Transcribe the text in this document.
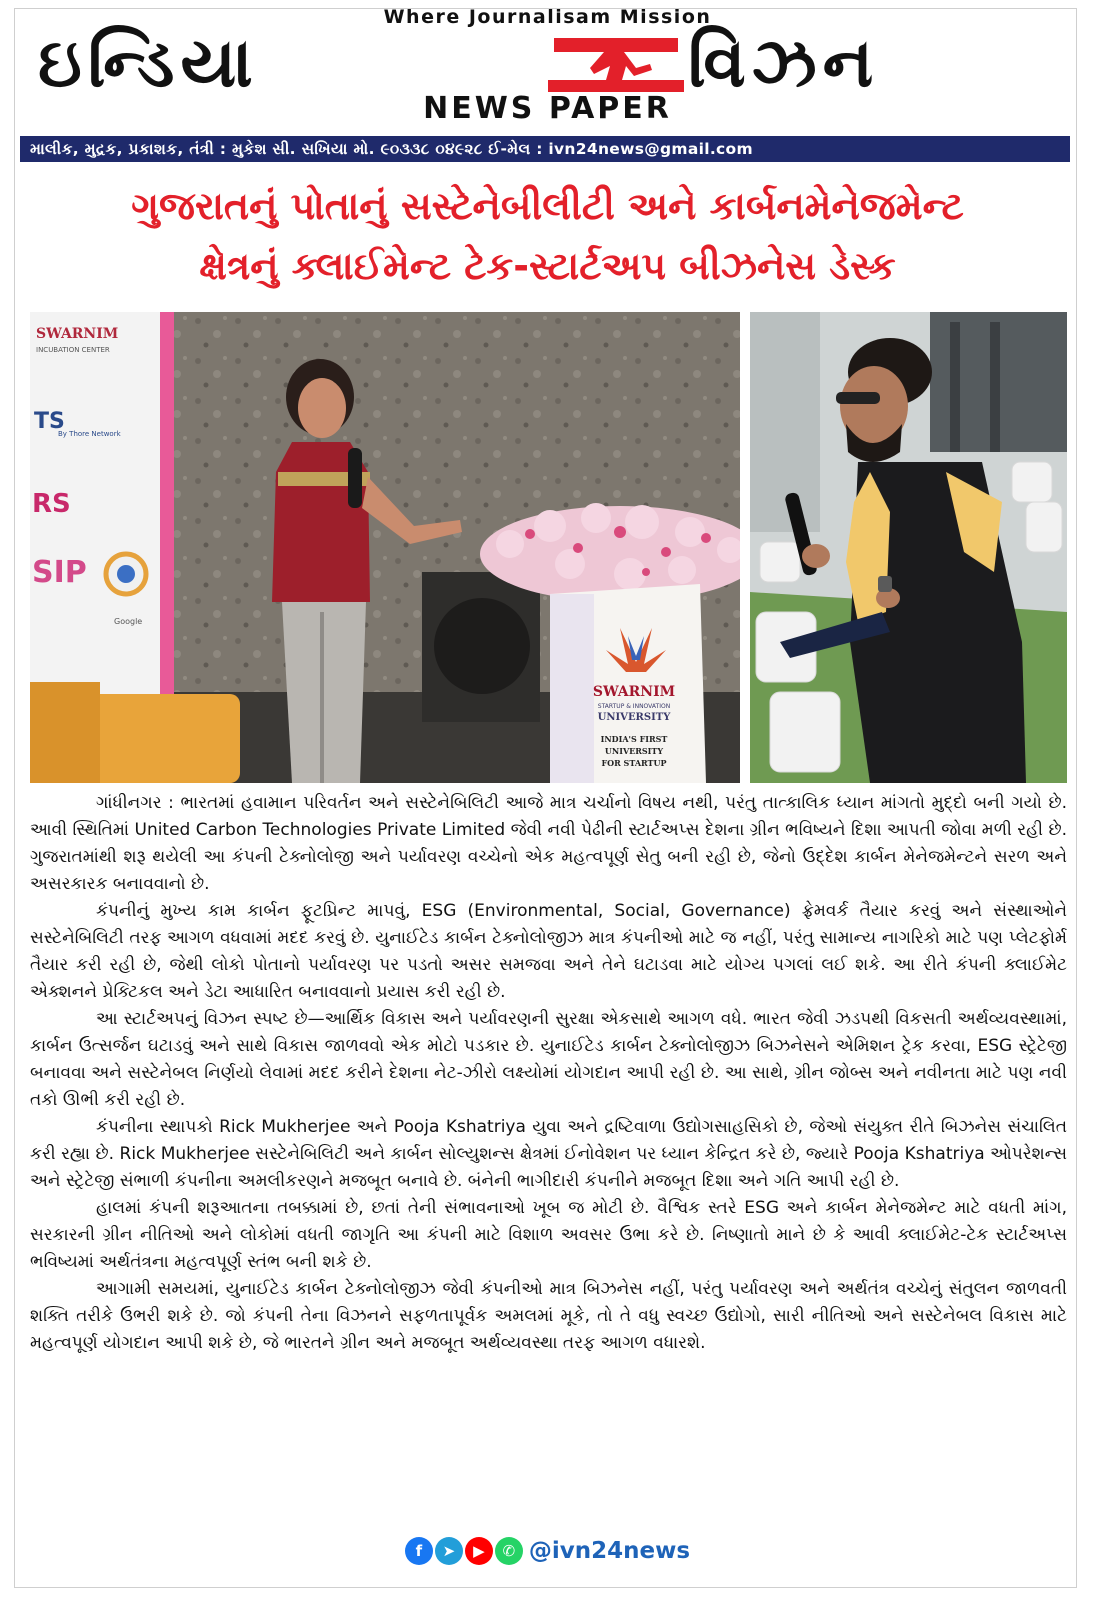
Where Journalisam Mission
ઇન્ડિયા	વિઝન
NEWS PAPER
માલીક, મુદ્રક, પ્રકાશક, તંત્રી : મુકેશ સી. સખિયા મો. ૯૦૩૩૮ ૦૪૯૨૮ ઈ-મેલ : ivn24news@gmail.com
ગુજરાતનું પોતાનું સસ્ટેનેબીલીટી અને કાર્બનમેનેજમેન્ટ
ક્ષેત્રનું ક્લાઈમેન્ટ ટેક-સ્ટાર્ટઅપ બીઝનેસ ડેસ્ક
SWARNIM
INCUBATION CENTER
TS
By Thore Network
RS
SIP
Google
SWARNIM
STARTUP & INNOVATION
UNIVERSITY
INDIA'S FIRST
UNIVERSITY
FOR STARTUP

ગાંધીનગર : ભારતમાં હવામાન પરિવર્તન અને સસ્ટેનેબિલિટી આજે માત્ર ચર્ચાનો વિષય નથી, પરંતુ તાત્કાલિક ધ્યાન માંગતો મુદ્દો બની ગયો છે. આવી સ્થિતિમાં United Carbon Technologies Private Limited જેવી નવી પેઢીની સ્ટાર્ટઅપ્સ દેશના ગ્રીન ભવિષ્યને દિશા આપતી જોવા મળી રહી છે. ગુજરાતમાંથી શરૂ થયેલી આ કંપની ટેક્નોલોજી અને પર્યાવરણ વચ્ચેનો એક મહત્વપૂર્ણ સેતુ બની રહી છે, જેનો ઉદ્દેશ કાર્બન મેનેજમેન્ટને સરળ અને અસરકારક બનાવવાનો છે.

કંપનીનું મુખ્ય કામ કાર્બન ફૂટપ્રિન્ટ માપવું, ESG (Environmental, Social, Governance) ફ્રેમવર્ક તૈયાર કરવું અને સંસ્થાઓને સસ્ટેનેબિલિટી તરફ આગળ વધવામાં મદદ કરવું છે. યુનાઈટેડ કાર્બન ટેક્નોલોજીઝ માત્ર કંપનીઓ માટે જ નહીં, પરંતુ સામાન્ય નાગરિકો માટે પણ પ્લેટફોર્મ તૈયાર કરી રહી છે, જેથી લોકો પોતાનો પર્યાવરણ પર પડતો અસર સમજવા અને તેને ઘટાડવા માટે યોગ્ય પગલાં લઈ શકે. આ રીતે કંપની ક્લાઈમેટ એક્શનને પ્રેક્ટિકલ અને ડેટા આધારિત બનાવવાનો પ્રયાસ કરી રહી છે.

આ સ્ટાર્ટઅપનું વિઝન સ્પષ્ટ છે—આર્થિક વિકાસ અને પર્યાવરણની સુરક્ષા એકસાથે આગળ વધે. ભારત જેવી ઝડપથી વિકસતી અર્થવ્યવસ્થામાં, કાર્બન ઉત્સર્જન ઘટાડવું અને સાથે વિકાસ જાળવવો એક મોટો પડકાર છે. યુનાઈટેડ કાર્બન ટેક્નોલોજીઝ બિઝનેસને એમિશન ટ્રેક કરવા, ESG સ્ટ્રેટેજી બનાવવા અને સસ્ટેનેબલ નિર્ણયો લેવામાં મદદ કરીને દેશના નેટ-ઝીરો લક્ષ્યોમાં યોગદાન આપી રહી છે. આ સાથે, ગ્રીન જોબ્સ અને નવીનતા માટે પણ નવી તકો ઊભી કરી રહી છે.

કંપનીના સ્થાપકો Rick Mukherjee અને Pooja Kshatriya યુવા અને દ્રષ્ટિવાળા ઉદ્યોગસાહસિકો છે, જેઓ સંયુક્ત રીતે બિઝનેસ સંચાલિત કરી રહ્યા છે. Rick Mukherjee સસ્ટેનેબિલિટી અને કાર્બન સોલ્યુશન્સ ક્ષેત્રમાં ઈનોવેશન પર ધ્યાન કેન્દ્રિત કરે છે, જ્યારે Pooja Kshatriya ઓપરેશન્સ અને સ્ટ્રેટેજી સંભાળી કંપનીના અમલીકરણને મજબૂત બનાવે છે. બંનેની ભાગીદારી કંપનીને મજબૂત દિશા અને ગતિ આપી રહી છે.

હાલમાં કંપની શરૂઆતના તબક્કામાં છે, છતાં તેની સંભાવનાઓ ખૂબ જ મોટી છે. વૈશ્વિક સ્તરે ESG અને કાર્બન મેનેજમેન્ટ માટે વધતી માંગ, સરકારની ગ્રીન નીતિઓ અને લોકોમાં વધતી જાગૃતિ આ કંપની માટે વિશાળ અવસર ઉભા કરે છે. નિષ્ણાતો માને છે કે આવી ક્લાઈમેટ-ટેક સ્ટાર્ટઅપ્સ ભવિષ્યમાં અર્થતંત્રના મહત્વપૂર્ણ સ્તંભ બની શકે છે.

આગામી સમયમાં, યુનાઈટેડ કાર્બન ટેક્નોલોજીઝ જેવી કંપનીઓ માત્ર બિઝનેસ નહીં, પરંતુ પર્યાવરણ અને અર્થતંત્ર વચ્ચેનું સંતુલન જાળવતી શક્તિ તરીકે ઉભરી શકે છે. જો કંપની તેના વિઝનને સફળતાપૂર્વક અમલમાં મૂકે, તો તે વધુ સ્વચ્છ ઉદ્યોગો, સારી નીતિઓ અને સસ્ટેનેબલ વિકાસ માટે મહત્વપૂર્ણ યોગદાન આપી શકે છે, જે ભારતને ગ્રીન અને મજબૂત અર્થવ્યવસ્થા તરફ આગળ વધારશે.

f	➤	▶	✆ @ivn24news
